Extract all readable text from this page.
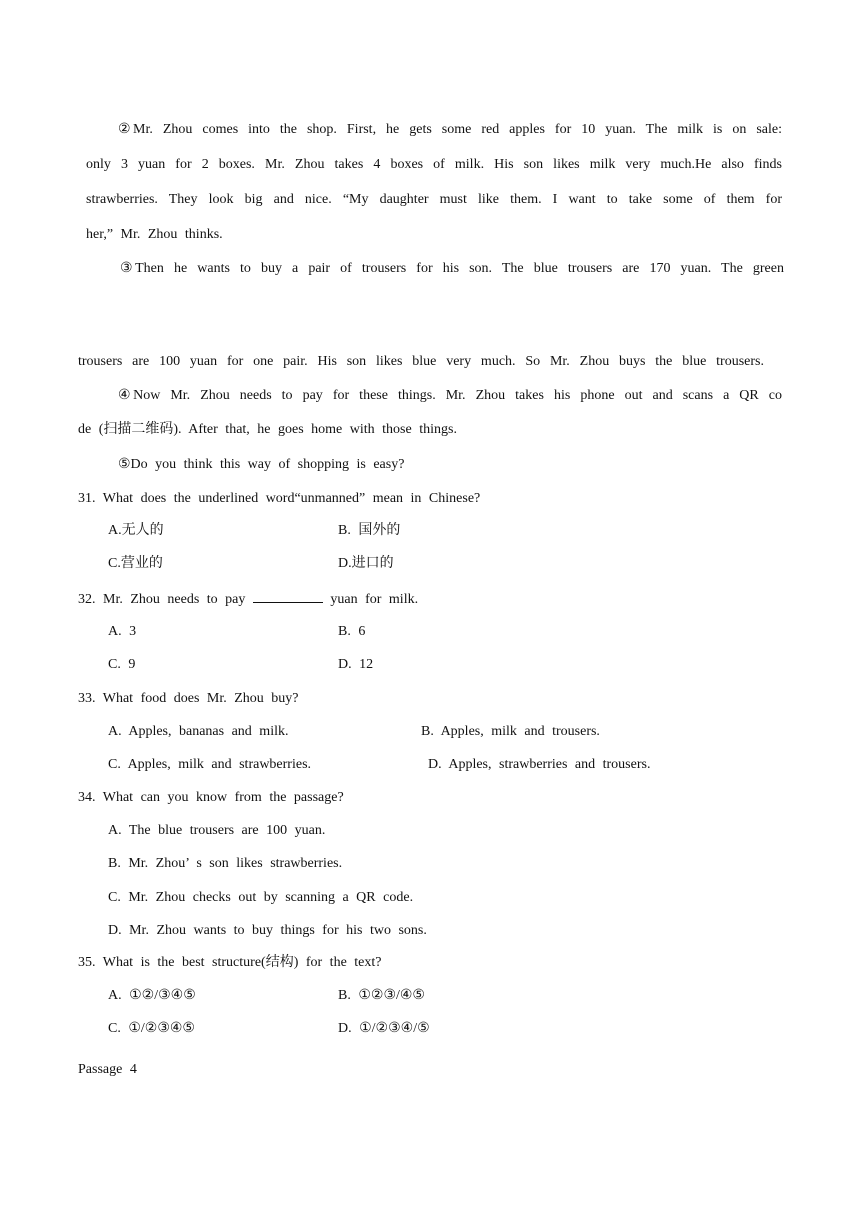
②Mr. Zhou comes into the shop. First, he gets some red apples for 10 yuan. The milk is on sale:
only 3 yuan for 2 boxes. Mr. Zhou takes 4 boxes of milk. His son likes milk very much.He also finds
strawberries. They look big and nice. “My daughter must like them. I want to take some of them for
her,” Mr. Zhou thinks.
③Then he wants to buy a pair of trousers for his son. The blue trousers are 170 yuan. The green
trousers are 100 yuan for one pair. His son likes blue very much. So Mr. Zhou buys the blue trousers.
④Now Mr. Zhou needs to pay for these things. Mr. Zhou takes his phone out and scans a QR co
de (扫描二维码). After that, he goes home with those things.
⑤Do you think this way of shopping is easy?
31. What does the underlined word“unmanned” mean in Chinese?
A.无人的	B. 国外的
C.营业的	D.进口的
32. Mr. Zhou needs to pay	yuan for milk.
A. 3	B. 6
C. 9	D. 12
33. What food does Mr. Zhou buy?
A. Apples, bananas and milk.	B. Apples, milk and trousers.
C. Apples, milk and strawberries.	D. Apples, strawberries and trousers.
34. What can you know from the passage?
A. The blue trousers are 100 yuan.
B. Mr. Zhou’ s son likes strawberries.
C. Mr. Zhou checks out by scanning a QR code.
D. Mr. Zhou wants to buy things for his two sons.
35. What is the best structure(结构) for the text?
A. ①②/③④⑤	B. ①②③/④⑤
C. ①/②③④⑤	D. ①/②③④/⑤
Passage 4
